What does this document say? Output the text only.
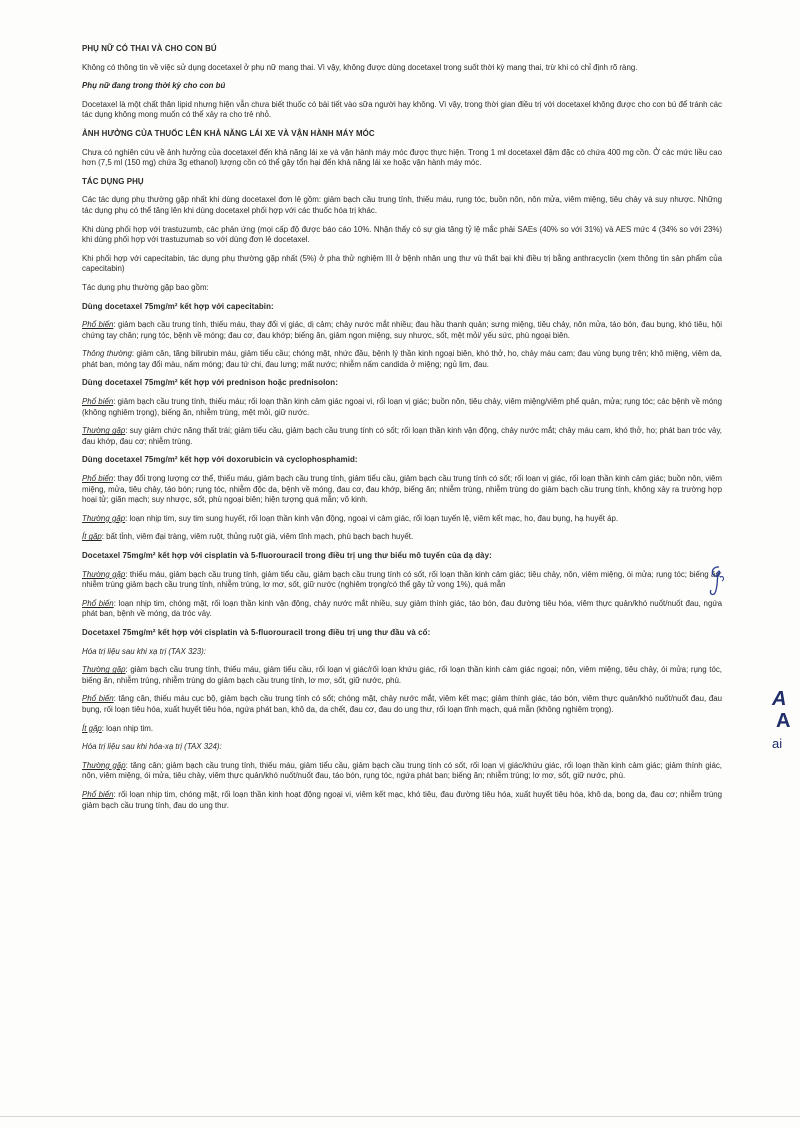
PHỤ NỮ CÓ THAI VÀ CHO CON BÚ
Không có thông tin về việc sử dụng docetaxel ở phụ nữ mang thai. Vì vậy, không được dùng docetaxel trong suốt thời kỳ mang thai, trừ khi có chỉ định rõ ràng.
Phụ nữ đang trong thời kỳ cho con bú
Docetaxel là một chất thân lipid nhưng hiện vẫn chưa biết thuốc có bài tiết vào sữa người hay không. Vì vậy, trong thời gian điều trị với docetaxel không được cho con bú để tránh các tác dụng không mong muốn có thể xảy ra cho trẻ nhỏ.
ẢNH HƯỞNG CỦA THUỐC LÊN KHẢ NĂNG LÁI XE VÀ VẬN HÀNH MÁY MÓC
Chưa có nghiên cứu về ảnh hưởng của docetaxel đến khả năng lái xe và vận hành máy móc được thực hiện. Trong 1 ml docetaxel đậm đặc có chứa 400 mg cồn. Ở các mức liều cao hơn (7,5 ml (150 mg) chứa 3g ethanol) lượng cồn có thể gây tổn hại đến khả năng lái xe hoặc vận hành máy móc.
TÁC DỤNG PHỤ
Các tác dụng phụ thường gặp nhất khi dùng docetaxel đơn lẻ gồm: giảm bạch cầu trung tính, thiếu máu, rụng tóc, buồn nôn, nôn mửa, viêm miệng, tiêu chảy và suy nhược. Những tác dụng phụ có thể tăng lên khi dùng docetaxel phối hợp với các thuốc hóa trị khác.
Khi dùng phối hợp với trastuzumb, các phản ứng (mọi cấp độ được báo cáo 10%. Nhận thấy có sự gia tăng tỷ lệ mắc phải SAEs (40% so với 31%) và AES mức 4 (34% so với 23%) khi dùng phối hợp với trastuzumab so với dùng đơn lẻ docetaxel.
Khi phối hợp với capecitabin, tác dụng phụ thường gặp nhất (5%) ở pha thử nghiệm III ở bệnh nhân ung thư vú thất bại khi điều trị bằng anthracyclin (xem thông tin sản phẩm của capecitabin)
Tác dụng phụ thường gặp bao gồm:
Dùng docetaxel 75mg/m² kết hợp với capecitabin:
Phổ biến: giảm bạch cầu trung tính, thiếu máu, thay đổi vị giác, dị cảm; chảy nước mắt nhiều; đau hầu thanh quản; sưng miệng, tiêu chảy, nôn mửa, táo bón, đau bụng, khó tiêu, hội chứng tay chân; rụng tóc, bệnh về móng; đau cơ, đau khớp; biếng ăn, giảm ngon miệng, suy nhược, sốt, mệt mỏi/ yếu sức, phù ngoại biên.
Thông thường: giảm cân, tăng bilirubin máu, giảm tiểu cầu; chóng mặt, nhức đầu, bệnh lý thần kinh ngoại biên, khó thở, ho, chảy máu cam; đau vùng bụng trên; khô miệng, viêm da, phát ban, móng tay đổi màu, nấm móng; đau tứ chi, đau lưng; mất nước; nhiễm nấm candida ở miệng; ngủ lịm, đau.
Dùng docetaxel 75mg/m² kết hợp với prednison hoặc prednisolon:
Phổ biến: giảm bạch cầu trung tính, thiếu máu; rối loạn thần kinh cảm giác ngoại vi, rối loạn vị giác; buồn nôn, tiêu chảy, viêm miệng/viêm phế quản, mửa; rụng tóc; các bệnh về móng (không nghiêm trọng), biếng ăn, nhiễm trùng, mệt mỏi, giữ nước.
Thường gặp: suy giảm chức năng thất trái; giảm tiểu cầu, giảm bạch cầu trung tính có sốt; rối loạn thần kinh vận động, chảy nước mắt; chảy máu cam, khó thở, ho; phát ban tróc vảy, đau khớp, đau cơ; nhiễm trùng.
Dùng docetaxel 75mg/m² kết hợp với doxorubicin và cyclophosphamid:
Phổ biến: thay đổi trọng lượng cơ thể, thiếu máu, giảm bạch cầu trung tính, giảm tiểu cầu, giảm bạch cầu trung tính có sốt; rối loạn vị giác, rối loạn thần kinh cảm giác; buồn nôn, viêm miệng, mửa, tiêu chảy, táo bón; rụng tóc, nhiễm độc da, bệnh về móng, đau cơ, đau khớp, biếng ăn; nhiễm trùng, nhiễm trùng do giảm bạch cầu trung tính, không xảy ra trường hợp hoại tử; giãn mạch; suy nhược, sốt, phù ngoại biên; hiện tượng quá mẫn; vô kinh.
Thường gặp: loạn nhịp tim, suy tim sung huyết, rối loạn thần kinh vận động, ngoại vi cảm giác, rối loạn tuyến lệ, viêm kết mạc, ho, đau bụng, hạ huyết áp.
Ít gặp: bất tỉnh, viêm đại tràng, viêm ruột, thủng ruột già, viêm tĩnh mạch, phù bạch bạch huyết.
Docetaxel 75mg/m² kết hợp với cisplatin và 5-fluorouracil trong điều trị ung thư biểu mô tuyến của dạ dày:
Thường gặp: thiếu máu, giảm bạch cầu trung tính, giảm tiểu cầu, giảm bạch cầu trung tính có sốt, rối loạn thần kinh cảm giác; tiêu chảy, nôn, viêm miệng, ói mửa; rụng tóc; biếng ăn; nhiễm trùng giảm bạch cầu trung tính, nhiễm trùng, lơ mơ, sốt, giữ nước (nghiêm trọng/có thể gây tử vong 1%), quá mẫn
Phổ biến: loạn nhịp tim, chóng mặt, rối loạn thần kinh vận động, chảy nước mắt nhiều, suy giảm thính giác, táo bón, đau đường tiêu hóa, viêm thực quản/khó nuốt/nuốt đau, ngứa phát ban, bệnh về móng, da tróc vảy.
Docetaxel 75mg/m² kết hợp với cisplatin và 5-fluorouracil trong điều trị ung thư đầu và cổ:
Hóa trị liệu sau khi xạ trị (TAX 323):
Thường gặp: giảm bạch cầu trung tính, thiếu máu, giảm tiểu cầu, rối loạn vị giác/rối loạn khứu giác, rối loạn thần kinh cảm giác ngoại; nôn, viêm miệng, tiêu chảy, ói mửa; rụng tóc, biếng ăn, nhiễm trùng, nhiễm trùng do giảm bạch cầu trung tính, lơ mơ, sốt, giữ nước, phù.
Phổ biến: tăng cân, thiếu máu cục bộ, giảm bạch cầu trung tính có sốt; chóng mặt, chảy nước mắt, viêm kết mạc; giảm thính giác, táo bón, viêm thực quản/khó nuốt/nuốt đau, đau bụng, rối loạn tiêu hóa, xuất huyết tiêu hóa, ngứa phát ban, khô da, da chết, đau cơ, đau do ung thư, rối loạn tĩnh mạch, quá mẫn (không nghiêm trọng).
Ít gặp: loạn nhịp tim.
Hóa trị liệu sau khi hóa-xạ trị (TAX 324):
Thường gặp: tăng cân; giảm bạch cầu trung tính, thiếu máu, giảm tiểu cầu, giảm bạch cầu trung tính có sốt, rối loạn vị giác/khứu giác, rối loạn thần kinh cảm giác; giảm thính giác, nôn, viêm miệng, ói mửa, tiêu chảy, viêm thực quản/khó nuốt/nuốt đau, táo bón, rụng tóc, ngứa phát ban; biếng ăn; nhiễm trùng; lơ mơ, sốt, giữ nước, phù.
Phổ biến: rối loạn nhịp tim, chóng mặt, rối loạn thần kinh hoạt động ngoại vi, viêm kết mạc, khó tiêu, đau đường tiêu hóa, xuất huyết tiêu hóa, khô da, bong da, đau cơ; nhiễm trùng giảm bạch cầu trung tính, đau do ung thư.
A
A
ai
